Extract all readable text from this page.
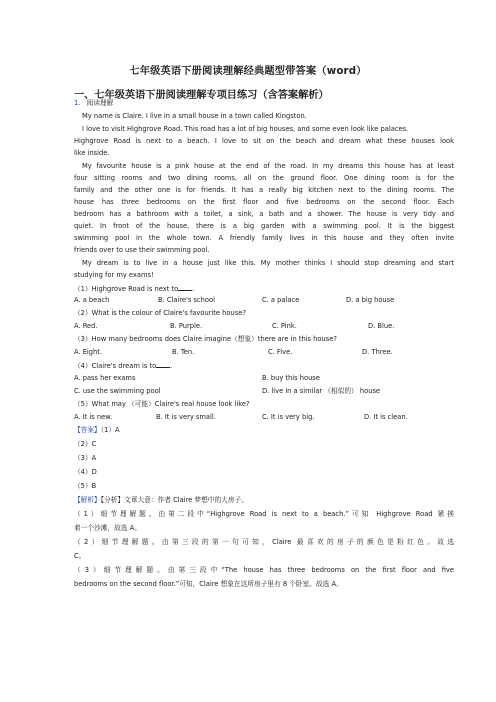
七年级英语下册阅读理解经典题型带答案（word）
一、七年级英语下册阅读理解专项目练习（含答案解析）
1. 阅读理解
My name is Claire. I live in a small house in a town called Kingston.
I love to visit Highgrove Road. This road has a lot of big houses, and some even look like palaces.
Highgrove Road is next to a beach. I love to sit on the beach and dream what these houses look
like inside.
My favourite house is a pink house at the end of the road. In my dreams this house has at least
four sitting rooms and two dining rooms, all on the ground floor. One dining room is for the
family and the other one is for friends. It has a really big kitchen next to the dining rooms. The
house has three bedrooms on the first floor and five bedrooms on the second floor. Each
bedroom has a bathroom with a toilet, a sink, a bath and a shower. The house is very tidy and
quiet. In front of the house, there is a big garden with a swimming pool. It is the biggest
swimming pool in the whole town. A friendly family lives in this house and they often invite
friends over to use their swimming pool.
My dream is to live in a house just like this. My mother thinks I should stop dreaming and start
studying for my exams!
（1）Highgrove Road is next to .
A. a beach	B. Claire's school	C. a palace	D. a big house
（2）What is the colour of Claire's favourite house?
A. Red.	B. Purple.	C. Pink.	D. Blue.
（3）How many bedrooms does Claire imagine（想象）there are in this house?
A. Eight.	B. Ten.	C. Five.	D. Three.
（4）Claire's dream is to .
A. pass her exams	B. buy this house
C. use the swimming pool	D. live in a similar （相似的） house
（5）What may （可能）Claire's real house look like?
A. It is new.	B. It is very small.	C. It is very big.	D. It is clean.
【答案】（1）A
（2）C
（3）A
（4）D
（5）B
【解析】【分析】文章大意：作者 Claire 梦想中的大房子。
（1）细节理解题。由第二段中“Highgrove Road is next to a beach.”可知 Highgrove Road 紧挨
着一个沙滩，故选 A。
（2）细节理解题。由第三段的第一句可知，Claire 最喜欢的房子的颜色是粉红色。故选
C。
（3）细节理解题。由第三段中“The house has three bedrooms on the first floor and five
bedrooms on the second floor.”可知，Claire 想象在这所房子里有 8 个卧室。故选 A。
